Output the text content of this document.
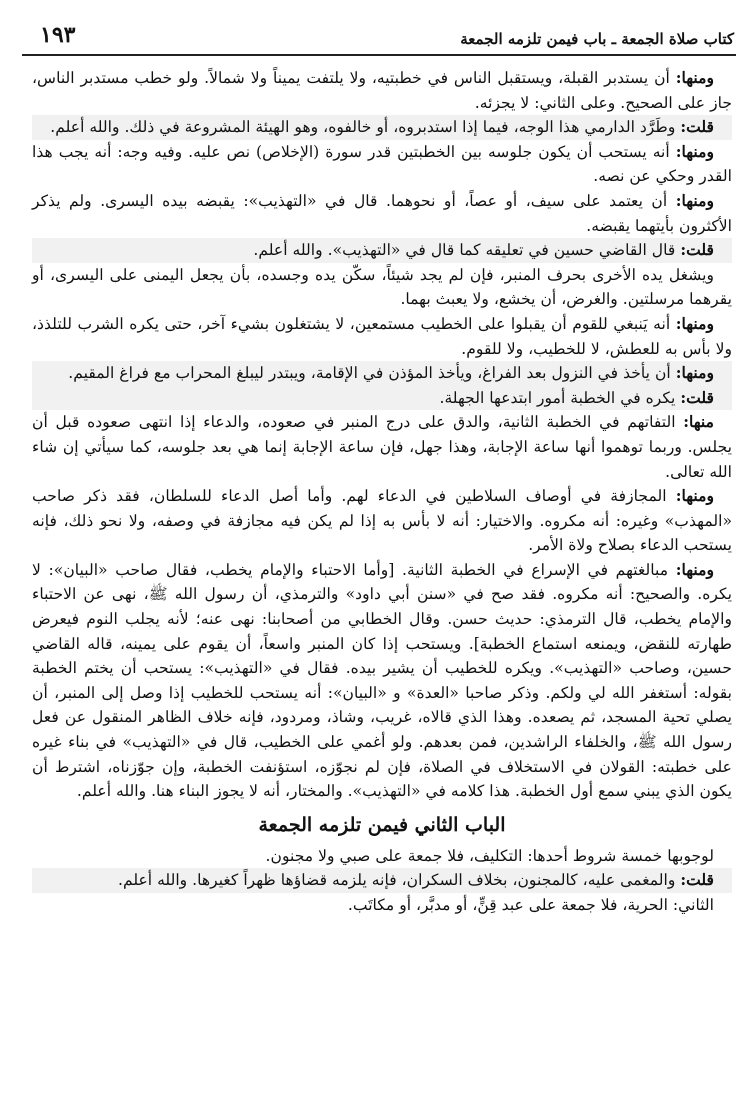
كتاب صلاة الجمعة ـ باب فيمن تلزمه الجمعة
١٩٣

ومنها: أن يستدبر القبلة، ويستقبل الناس في خطبتيه، ولا يلتفت يميناً ولا شمالاً. ولو خطب مستدبر الناس، جاز على الصحيح. وعلى الثاني: لا يجزئه.

قلت: وطَرَّد الدارمي هذا الوجه، فيما إذا استدبروه، أو خالفوه، وهو الهيئة المشروعة في ذلك. والله أعلم.

ومنها: أنه يستحب أن يكون جلوسه بين الخطبتين قدر سورة (الإخلاص) نص عليه. وفيه وجه: أنه يجب هذا القدر وحكي عن نصه.

ومنها: أن يعتمد على سيف، أو عصاً، أو نحوهما. قال في «التهذيب»: يقبضه بيده اليسرى. ولم يذكر الأكثرون بأيتهما يقبضه.

قلت: قال القاضي حسين في تعليقه كما قال في «التهذيب». والله أعلم.

ويشغل يده الأخرى بحرف المنبر، فإن لم يجد شيئاً، سكّن يده وجسده، بأن يجعل اليمنى على اليسرى، أو يقرهما مرسلتين. والغرض، أن يخشع، ولا يعبث بهما.

ومنها: أنه يَنبغي للقوم أن يقبلوا على الخطيب مستمعين، لا يشتغلون بشيء آخر، حتى يكره الشرب للتلذذ، ولا بأس به للعطش، لا للخطيب، ولا للقوم.

ومنها: أن يأخذ في النزول بعد الفراغ، ويأخذ المؤذن في الإقامة، ويبتدر ليبلغ المحراب مع فراغ المقيم.

قلت: يكره في الخطبة أمور ابتدعها الجهلة.

منها: التفاتهم في الخطبة الثانية، والدق على درج المنبر في صعوده، والدعاء إذا انتهى صعوده قبل أن يجلس. وربما توهموا أنها ساعة الإجابة، وهذا جهل، فإن ساعة الإجابة إنما هي بعد جلوسه، كما سيأتي إن شاء الله تعالى.

ومنها: المجازفة في أوصاف السلاطين في الدعاء لهم. وأما أصل الدعاء للسلطان، فقد ذكر صاحب «المهذب» وغيره: أنه مكروه. والاختيار: أنه لا بأس به إذا لم يكن فيه مجازفة في وصفه، ولا نحو ذلك، فإنه يستحب الدعاء بصلاح ولاة الأمر.

ومنها: مبالغتهم في الإسراع في الخطبة الثانية. [وأما الاحتباء والإمام يخطب، فقال صاحب «البيان»: لا يكره. والصحيح: أنه مكروه. فقد صح في «سنن أبي داود» والترمذي، أن رسول الله ﷺ، نهى عن الاحتباء والإمام يخطب، قال الترمذي: حديث حسن. وقال الخطابي من أصحابنا: نهى عنه؛ لأنه يجلب النوم فيعرض طهارته للنقض، ويمنعه استماع الخطبة]. ويستحب إذا كان المنبر واسعاً، أن يقوم على يمينه، قاله القاضي حسين، وصاحب «التهذيب». ويكره للخطيب أن يشير بيده. فقال في «التهذيب»: يستحب أن يختم الخطبة بقوله: أستغفر الله لي ولكم. وذكر صاحبا «العدة» و «البيان»: أنه يستحب للخطيب إذا وصل إلى المنبر، أن يصلي تحية المسجد، ثم يصعده. وهذا الذي قالاه، غريب، وشاذ، ومردود، فإنه خلاف الظاهر المنقول عن فعل رسول الله ﷺ، والخلفاء الراشدين، فمن بعدهم. ولو أغمي على الخطيب، قال في «التهذيب» في بناء غيره على خطبته: القولان في الاستخلاف في الصلاة، فإن لم نجوّزه، استؤنفت الخطبة، وإن جوّزناه، اشترط أن يكون الذي يبني سمع أول الخطبة. هذا كلامه في «التهذيب». والمختار، أنه لا يجوز البناء هنا. والله أعلم.

الباب الثاني فيمن تلزمه الجمعة

لوجوبها خمسة شروط أحدها: التكليف، فلا جمعة على صبي ولا مجنون.

قلت: والمغمى عليه، كالمجنون، بخلاف السكران، فإنه يلزمه قضاؤها ظهراً كغيرها. والله أعلم.

الثاني: الحرية، فلا جمعة على عبد قِنٍّ، أو مدبَّر، أو مكاتَب.
